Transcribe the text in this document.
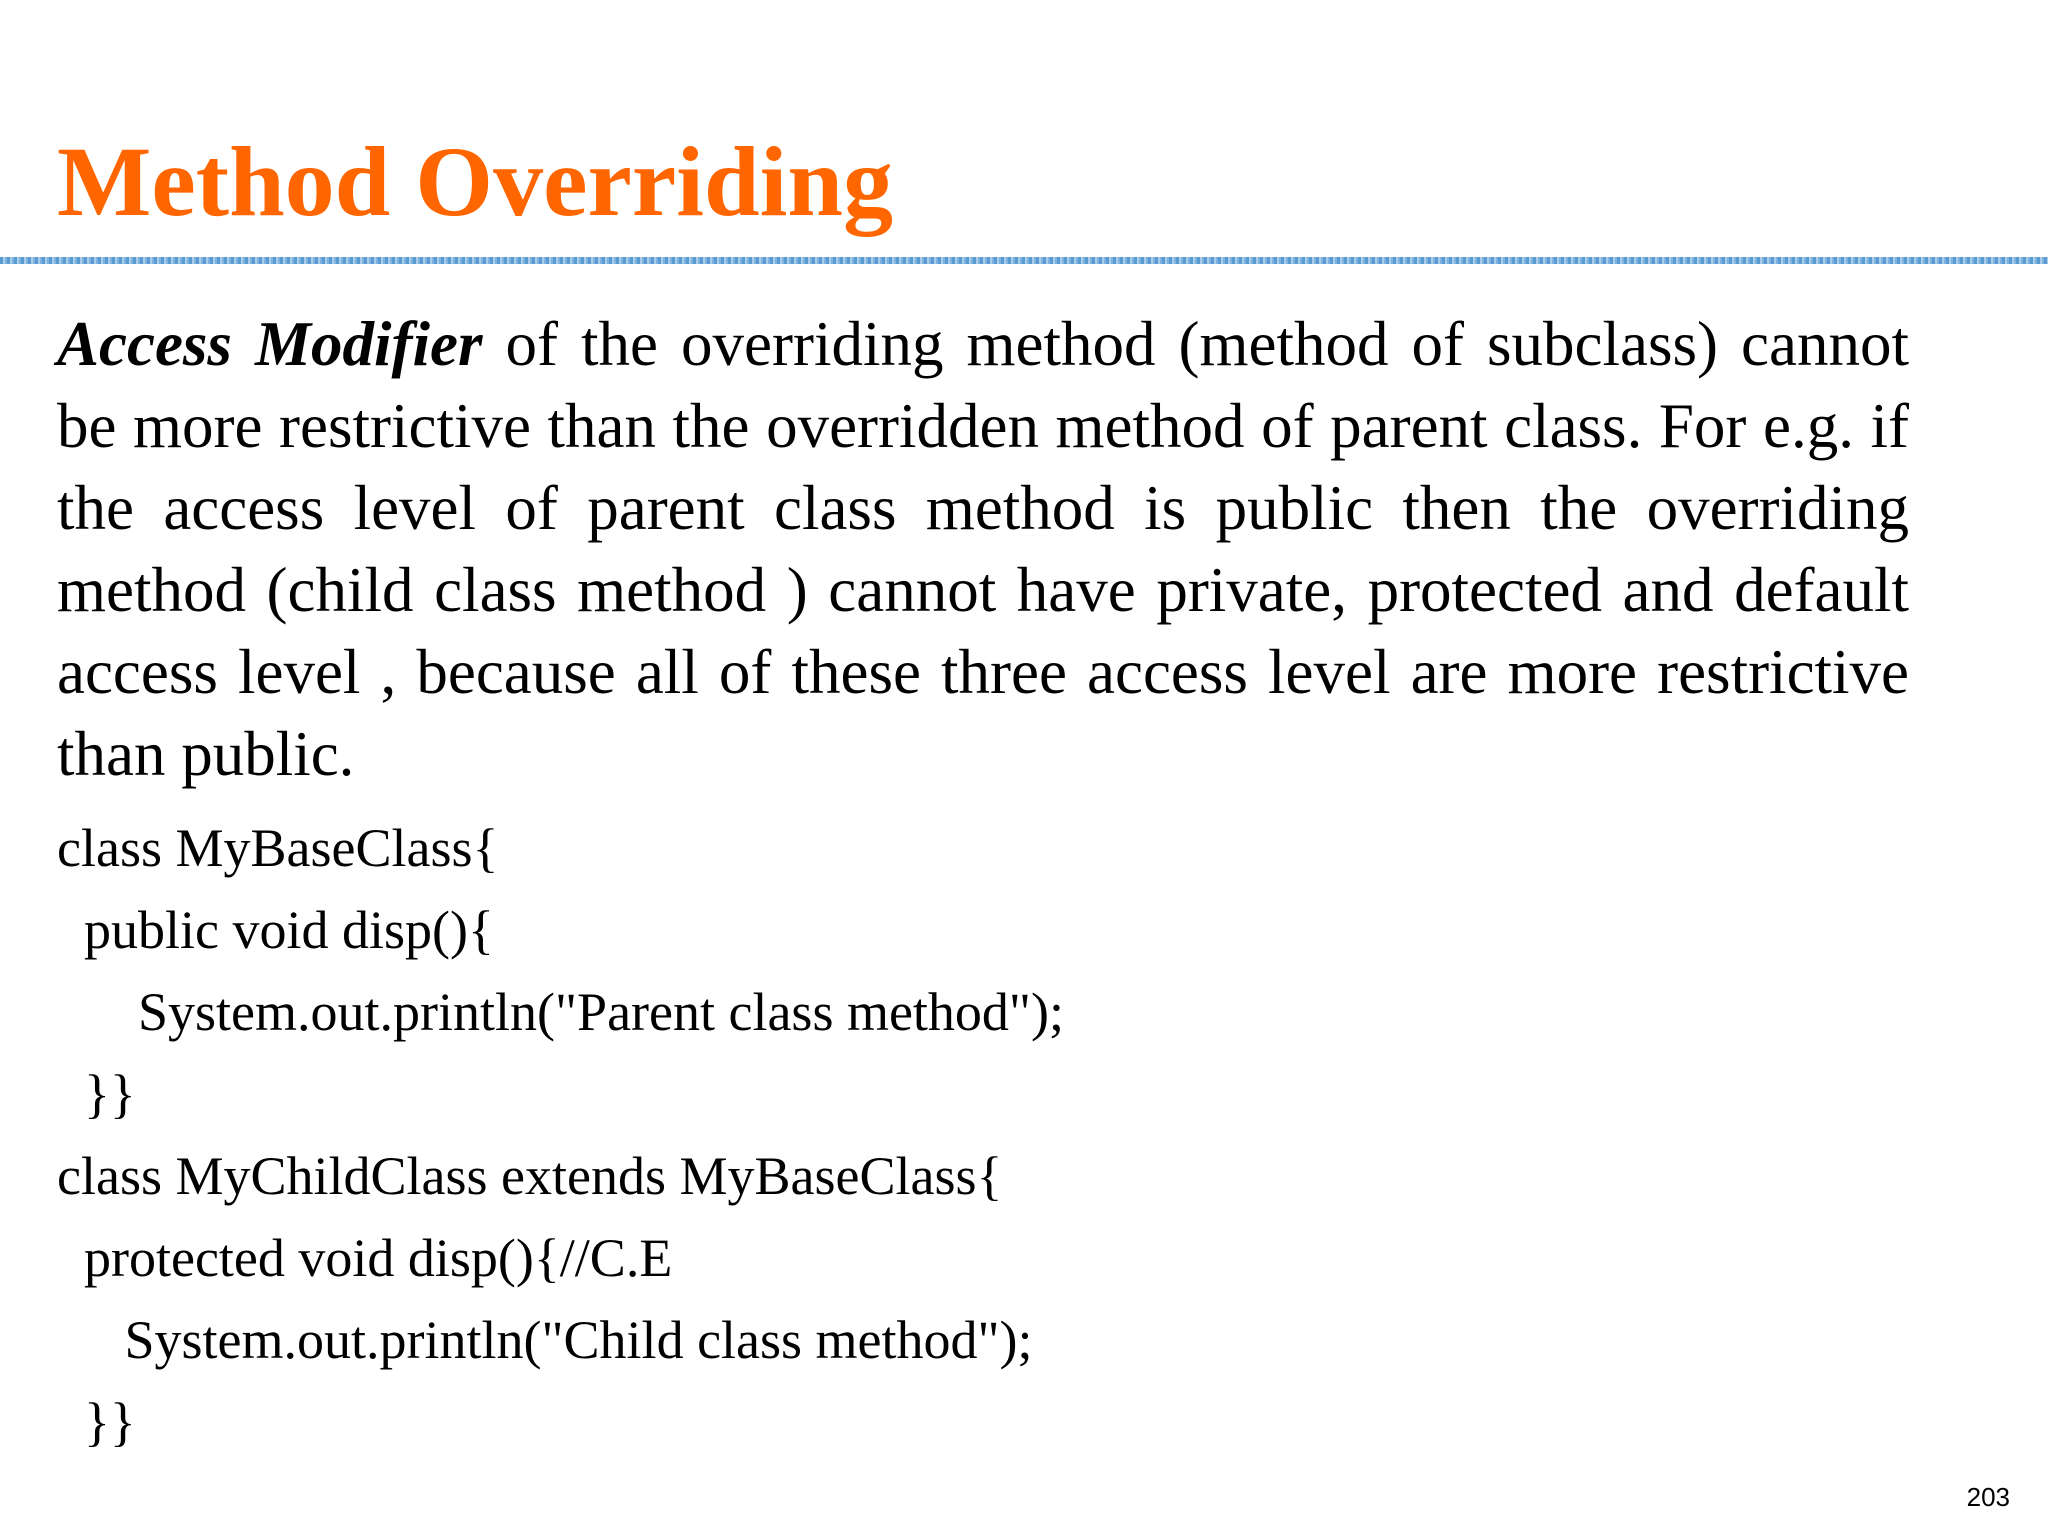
Method Overriding

Access Modifier of the overriding method (method of subclass) cannot be more restrictive than the overridden method of parent class. For e.g. if the access level of parent class method is public then the overriding method (child class method ) cannot have private, protected and default access level , because all of these three access level are more restrictive than public.

class MyBaseClass{
public void disp(){
System.out.println("Parent class method");
}}
class MyChildClass extends MyBaseClass{
protected void disp(){//C.E
System.out.println("Child class method");
}}
203
